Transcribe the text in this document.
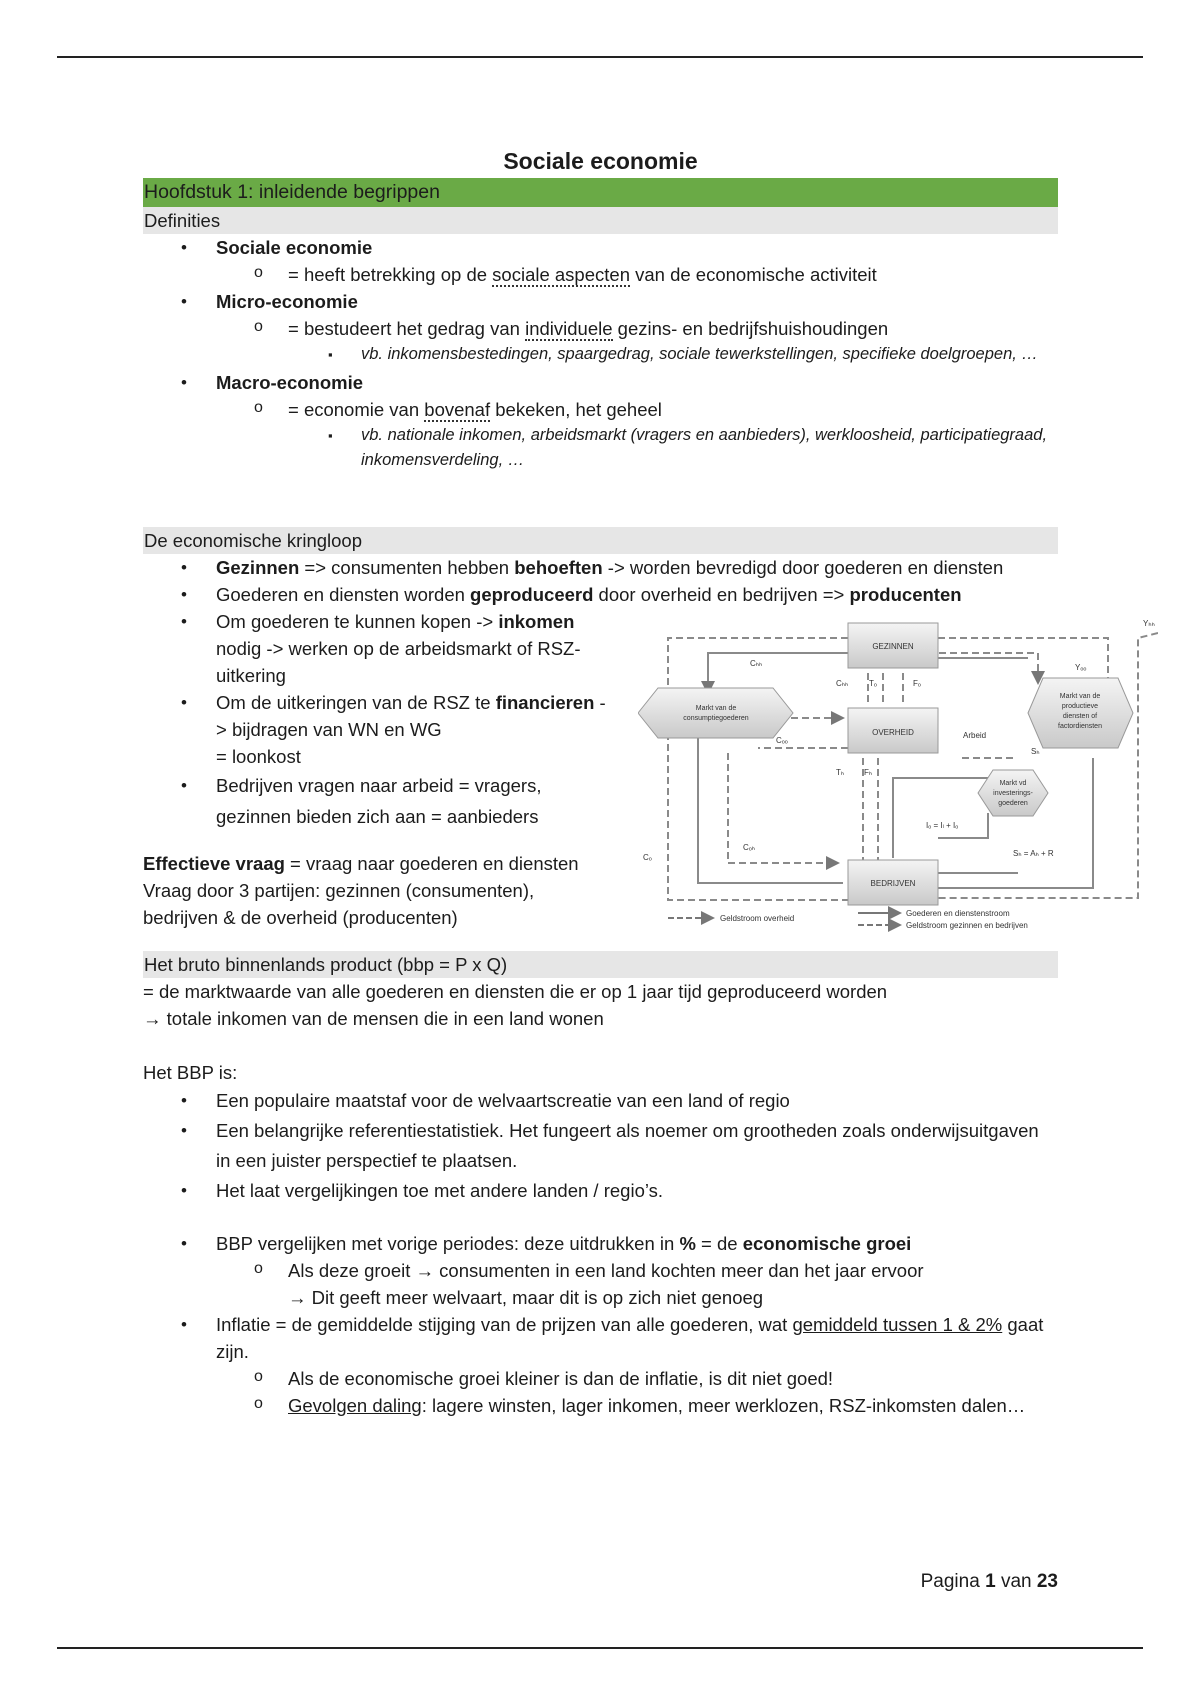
Sociale economie
Hoofdstuk 1: inleidende begrippen
Definities
• Sociale economie
o = heeft betrekking op de sociale aspecten van de economische activiteit
• Micro-economie
o = bestudeert het gedrag van individuele gezins- en bedrijfshuishoudingen
▪ vb. inkomensbestedingen, spaargedrag, sociale tewerkstellingen, specifieke doelgroepen, …
• Macro-economie
o = economie van bovenaf bekeken, het geheel
▪ vb. nationale inkomen, arbeidsmarkt (vragers en aanbieders), werkloosheid, participatiegraad, inkomensverdeling, …
De economische kringloop
• Gezinnen => consumenten hebben behoeften -> worden bevredigd door goederen en diensten
• Goederen en diensten worden geproduceerd door overheid en bedrijven => producenten
• Om goederen te kunnen kopen -> inkomen nodig -> werken op de arbeidsmarkt of RSZ-uitkering
• Om de uitkeringen van de RSZ te financieren -> bijdragen van WN en WG
= loonkost
• Bedrijven vragen naar arbeid = vragers,
gezinnen bieden zich aan = aanbieders
Effectieve vraag = vraag naar goederen en diensten
Vraag door 3 partijen: gezinnen (consumenten),
bedrijven & de overheid (producenten)
GEZINNEN
OVERHEID
BEDRIJVEN
Markt van de
consumptiegoederen
Markt van de
productieve
diensten of
factordiensten
Markt vd
investerings-
goederen
Cₕₕ
Cₒₒ
Cₒₕ
Cₒ
Cₕₕ	Tₒ	Fₒ
Yₕₕ
Yₒₒ
Arbeid
Tₕ Fₕ
Sₕ
Iₒ = Iₗ + Iₒ
Sₕ = Aₕ + R
Geldstroom overheid
Goederen en dienstenstroom
Geldstroom gezinnen en bedrijven
Het bruto binnenlands product (bbp = P x Q)
= de marktwaarde van alle goederen en diensten die er op 1 jaar tijd geproduceerd worden
→ totale inkomen van de mensen die in een land wonen
Het BBP is:
• Een populaire maatstaf voor de welvaartscreatie van een land of regio
• Een belangrijke referentiestatistiek. Het fungeert als noemer om grootheden zoals onderwijsuitgaven in een juister perspectief te plaatsen.
• Het laat vergelijkingen toe met andere landen / regio’s.
• BBP vergelijken met vorige periodes: deze uitdrukken in % = de economische groei
o Als deze groeit → consumenten in een land kochten meer dan het jaar ervoor
→ Dit geeft meer welvaart, maar dit is op zich niet genoeg
• Inflatie = de gemiddelde stijging van de prijzen van alle goederen, wat gemiddeld tussen 1 & 2% gaat zijn.
o Als de economische groei kleiner is dan de inflatie, is dit niet goed!
o Gevolgen daling: lagere winsten, lager inkomen, meer werklozen, RSZ-inkomsten dalen…
Pagina 1 van 23
